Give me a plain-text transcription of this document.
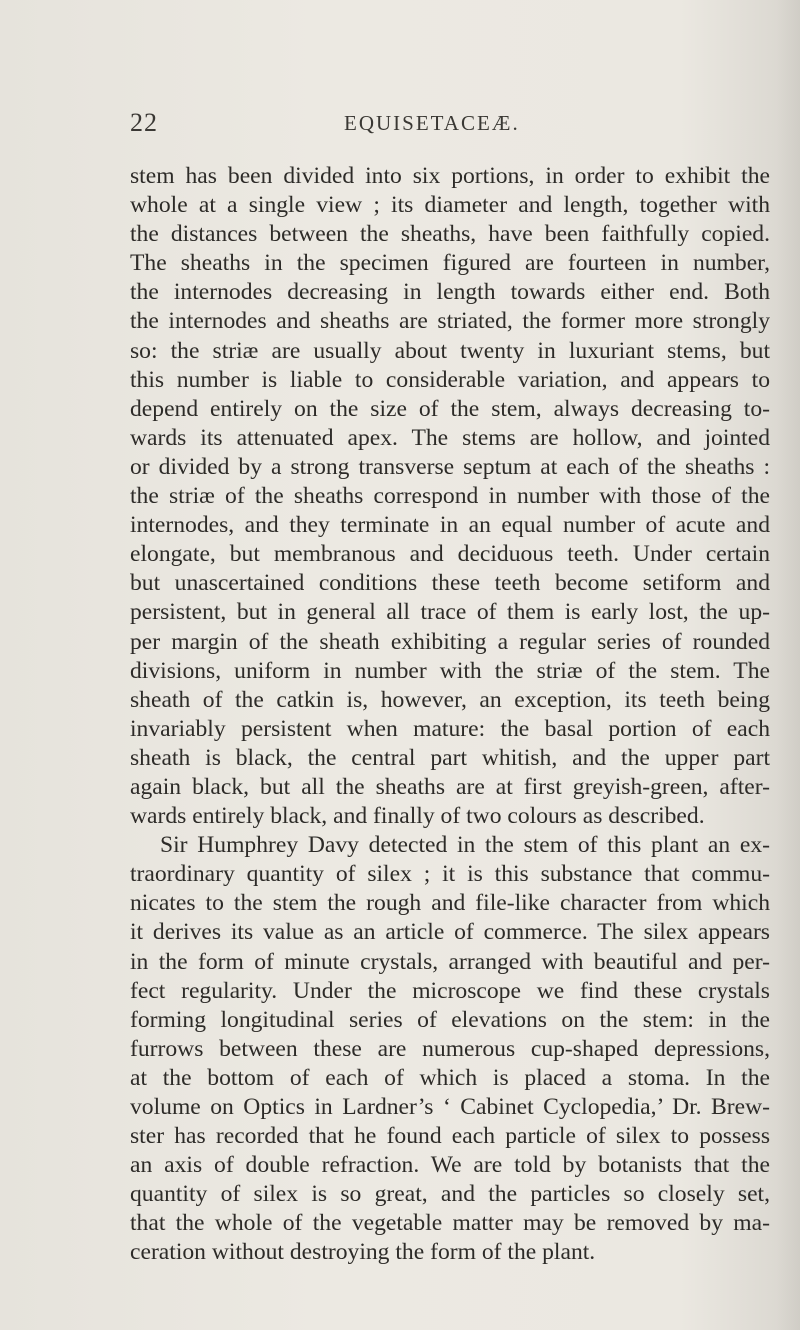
22	EQUISETACEÆ.
stem has been divided into six portions, in order to exhibit the
whole at a single view ; its diameter and length, together with
the distances between the sheaths, have been faithfully copied.
The sheaths in the specimen figured are fourteen in number,
the internodes decreasing in length towards either end. Both
the internodes and sheaths are striated, the former more strongly
so: the striæ are usually about twenty in luxuriant stems, but
this number is liable to considerable variation, and appears to
depend entirely on the size of the stem, always decreasing to-
wards its attenuated apex. The stems are hollow, and jointed
or divided by a strong transverse septum at each of the sheaths :
the striæ of the sheaths correspond in number with those of the
internodes, and they terminate in an equal number of acute and
elongate, but membranous and deciduous teeth. Under certain
but unascertained conditions these teeth become setiform and
persistent, but in general all trace of them is early lost, the up-
per margin of the sheath exhibiting a regular series of rounded
divisions, uniform in number with the striæ of the stem. The
sheath of the catkin is, however, an exception, its teeth being
invariably persistent when mature: the basal portion of each
sheath is black, the central part whitish, and the upper part
again black, but all the sheaths are at first greyish-green, after-
wards entirely black, and finally of two colours as described.
Sir Humphrey Davy detected in the stem of this plant an ex-
traordinary quantity of silex ; it is this substance that commu-
nicates to the stem the rough and file-like character from which
it derives its value as an article of commerce. The silex appears
in the form of minute crystals, arranged with beautiful and per-
fect regularity. Under the microscope we find these crystals
forming longitudinal series of elevations on the stem: in the
furrows between these are numerous cup-shaped depressions,
at the bottom of each of which is placed a stoma. In the
volume on Optics in Lardner’s ‘ Cabinet Cyclopedia,’ Dr. Brew-
ster has recorded that he found each particle of silex to possess
an axis of double refraction. We are told by botanists that the
quantity of silex is so great, and the particles so closely set,
that the whole of the vegetable matter may be removed by ma-
ceration without destroying the form of the plant.
